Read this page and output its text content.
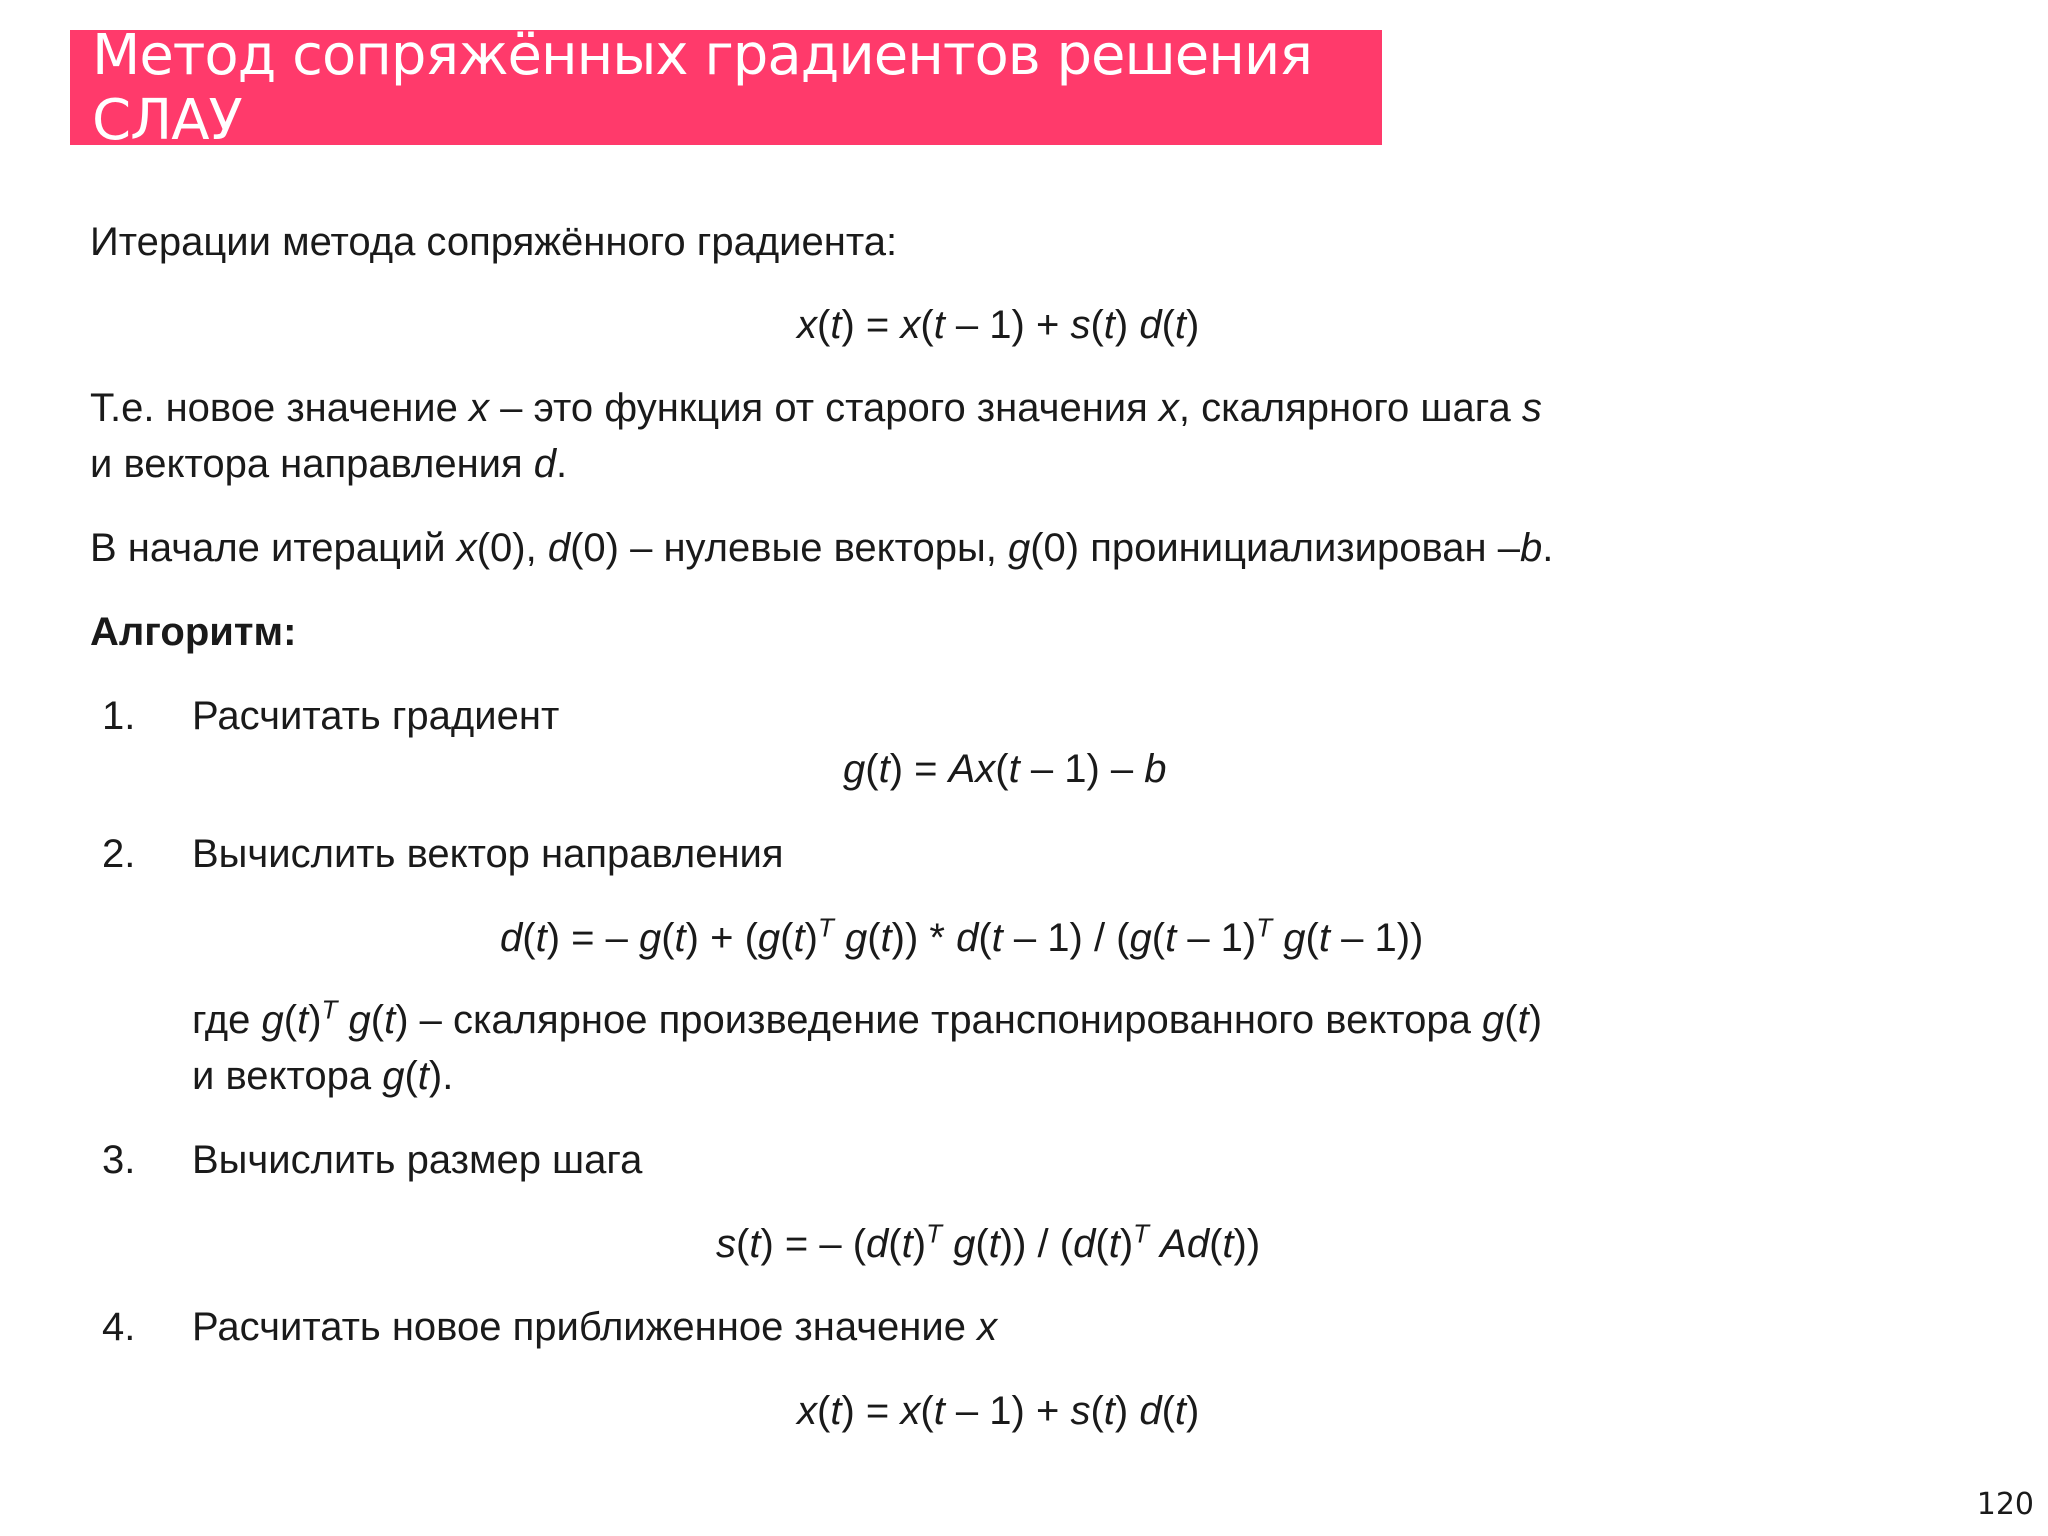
Метод сопряжённых градиентов решения СЛАУ
Итерации метода сопряжённого градиента:
x(t) = x(t – 1) + s(t) d(t)
Т.е. новое значение x – это функция от старого значения x, скалярного шага s
и вектора направления d.
В начале итераций x(0), d(0) – нулевые векторы, g(0) проинициализирован –b.
Алгоритм:
1. Расчитать градиент
g(t) = Ax(t – 1) – b
2. Вычислить вектор направления
d(t) = – $g(t) + (g(t)^T$ g(t)) * d(t – 1) / (g(t – 1)$^T$ g(t – 1))
где $g(t)^T$ g(t) – скалярное произведение транспонированного вектора g(t)
и вектора g(t).
3. Вычислить размер шага
s(t) = – ($d(t)^T$ $g(t)) / (d(t)^T$ Ad(t))
4. Расчитать новое приближенное значение x
x(t) = x(t – 1) + s(t) d(t)
120
